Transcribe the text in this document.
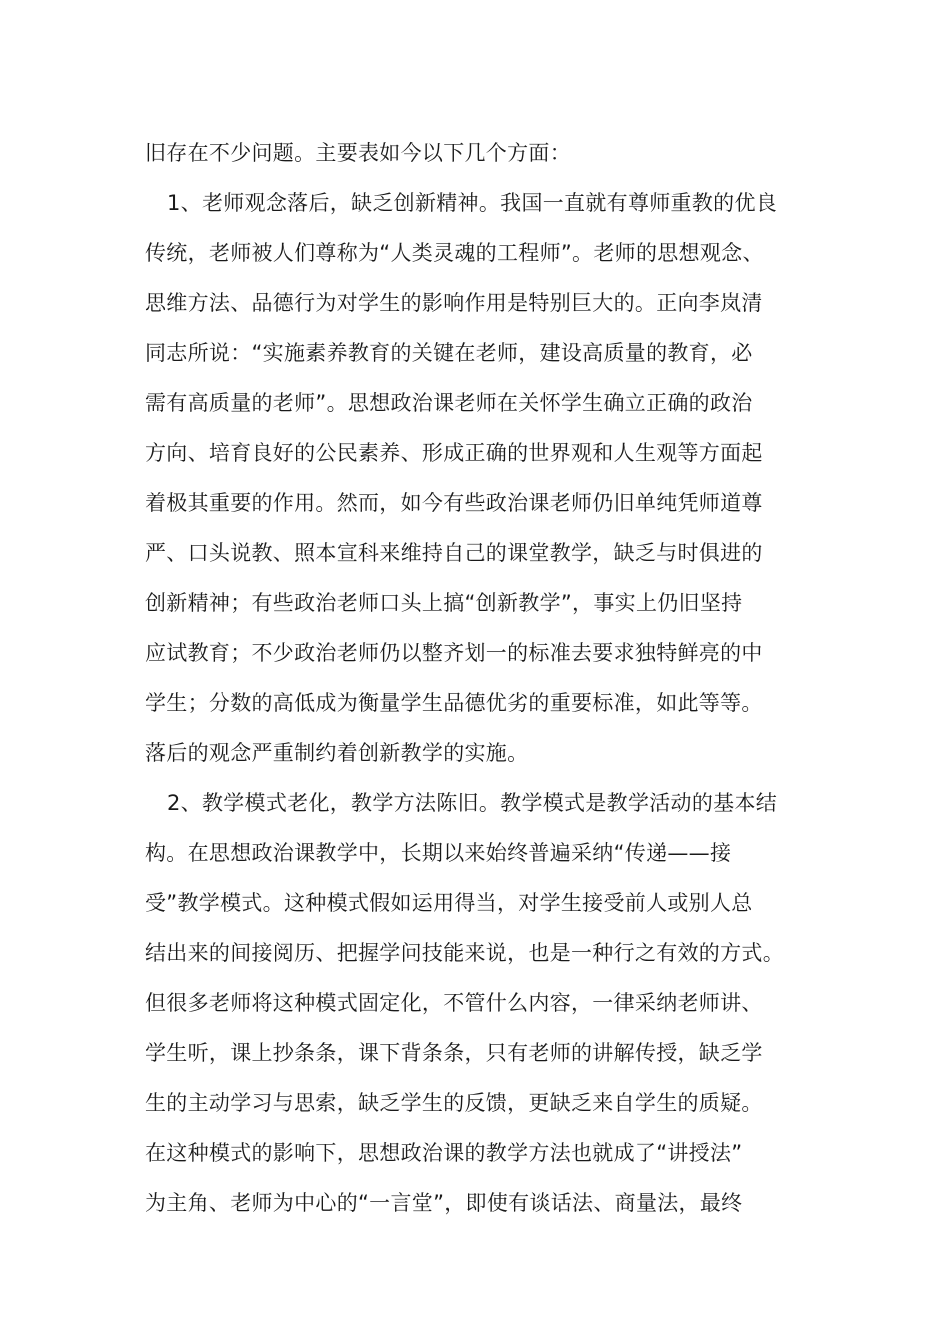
旧存在不少问题。主要表如今以下几个方面：
1、老师观念落后，缺乏创新精神。我国一直就有尊师重教的优良
传统，老师被人们尊称为“人类灵魂的工程师”。老师的思想观念、
思维方法、品德行为对学生的影响作用是特别巨大的。正向李岚清
同志所说：“实施素养教育的关键在老师，建设高质量的教育，必
需有高质量的老师”。思想政治课老师在关怀学生确立正确的政治
方向、培育良好的公民素养、形成正确的世界观和人生观等方面起
着极其重要的作用。然而，如今有些政治课老师仍旧单纯凭师道尊
严、口头说教、照本宣科来维持自己的课堂教学，缺乏与时俱进的
创新精神；有些政治老师口头上搞“创新教学”，事实上仍旧坚持
应试教育；不少政治老师仍以整齐划一的标准去要求独特鲜亮的中
学生；分数的高低成为衡量学生品德优劣的重要标准，如此等等。
落后的观念严重制约着创新教学的实施。
2、教学模式老化，教学方法陈旧。教学模式是教学活动的基本结
构。在思想政治课教学中，长期以来始终普遍采纳“传递——接
受”教学模式。这种模式假如运用得当，对学生接受前人或别人总
结出来的间接阅历、把握学问技能来说，也是一种行之有效的方式。
但很多老师将这种模式固定化，不管什么内容，一律采纳老师讲、
学生听，课上抄条条，课下背条条，只有老师的讲解传授，缺乏学
生的主动学习与思索，缺乏学生的反馈，更缺乏来自学生的质疑。
在这种模式的影响下，思想政治课的教学方法也就成了“讲授法”
为主角、老师为中心的“一言堂”，即使有谈话法、商量法，最终
